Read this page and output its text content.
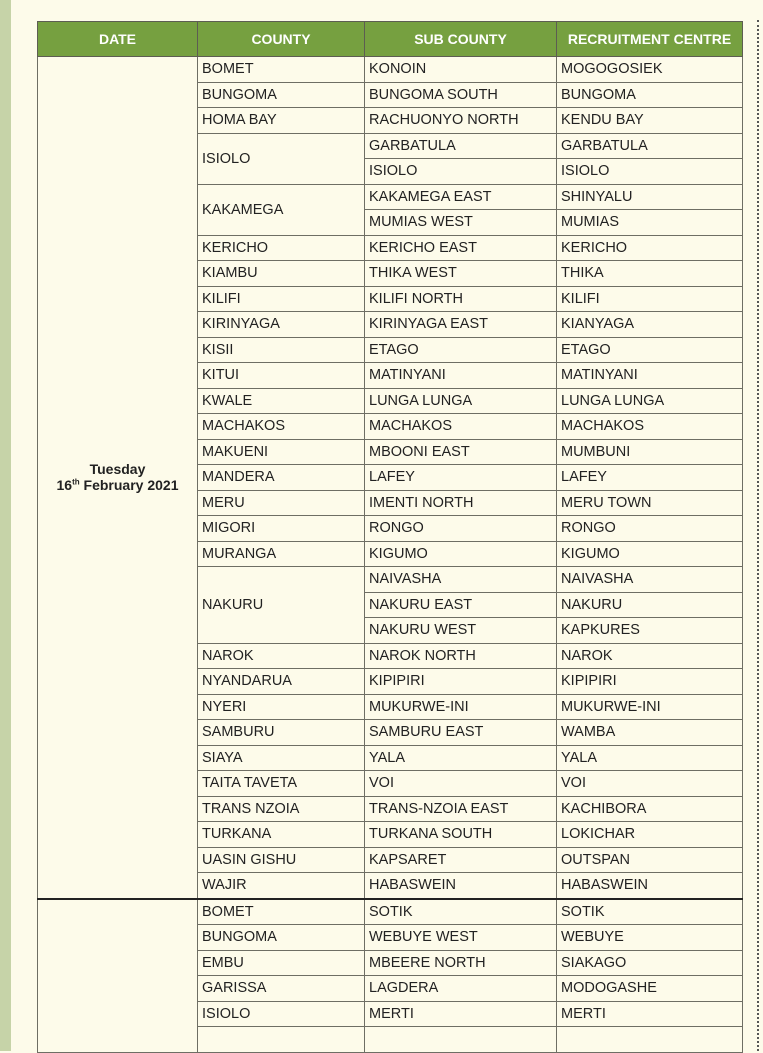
DATE	COUNTY	SUB COUNTY	RECRUITMENT CENTRE
Tuesday
16th February 2021	BOMET	KONOIN	MOGOGOSIEK
	BUNGOMA	BUNGOMA SOUTH	BUNGOMA
	HOMA BAY	RACHUONYO NORTH	KENDU BAY
	ISIOLO	GARBATULA	GARBATULA
		ISIOLO	ISIOLO
	KAKAMEGA	KAKAMEGA EAST	SHINYALU
		MUMIAS WEST	MUMIAS
	KERICHO	KERICHO EAST	KERICHO
	KIAMBU	THIKA WEST	THIKA
	KILIFI	KILIFI NORTH	KILIFI
	KIRINYAGA	KIRINYAGA EAST	KIANYAGA
	KISII	ETAGO	ETAGO
	KITUI	MATINYANI	MATINYANI
	KWALE	LUNGA LUNGA	LUNGA LUNGA
	MACHAKOS	MACHAKOS	MACHAKOS
	MAKUENI	MBOONI EAST	MUMBUNI
	MANDERA	LAFEY	LAFEY
	MERU	IMENTI NORTH	MERU TOWN
	MIGORI	RONGO	RONGO
	MURANGA	KIGUMO	KIGUMO
	NAKURU	NAIVASHA	NAIVASHA
		NAKURU EAST	NAKURU
		NAKURU WEST	KAPKURES
	NAROK	NAROK NORTH	NAROK
	NYANDARUA	KIPIPIRI	KIPIPIRI
	NYERI	MUKURWE-INI	MUKURWE-INI
	SAMBURU	SAMBURU EAST	WAMBA
	SIAYA	YALA	YALA
	TAITA TAVETA	VOI	VOI
	TRANS NZOIA	TRANS-NZOIA EAST	KACHIBORA
	TURKANA	TURKANA SOUTH	LOKICHAR
	UASIN GISHU	KAPSARET	OUTSPAN
	WAJIR	HABASWEIN	HABASWEIN
	BOMET	SOTIK	SOTIK
	BUNGOMA	WEBUYE WEST	WEBUYE
	EMBU	MBEERE NORTH	SIAKAGO
	GARISSA	LAGDERA	MODOGASHE
	ISIOLO	MERTI	MERTI
